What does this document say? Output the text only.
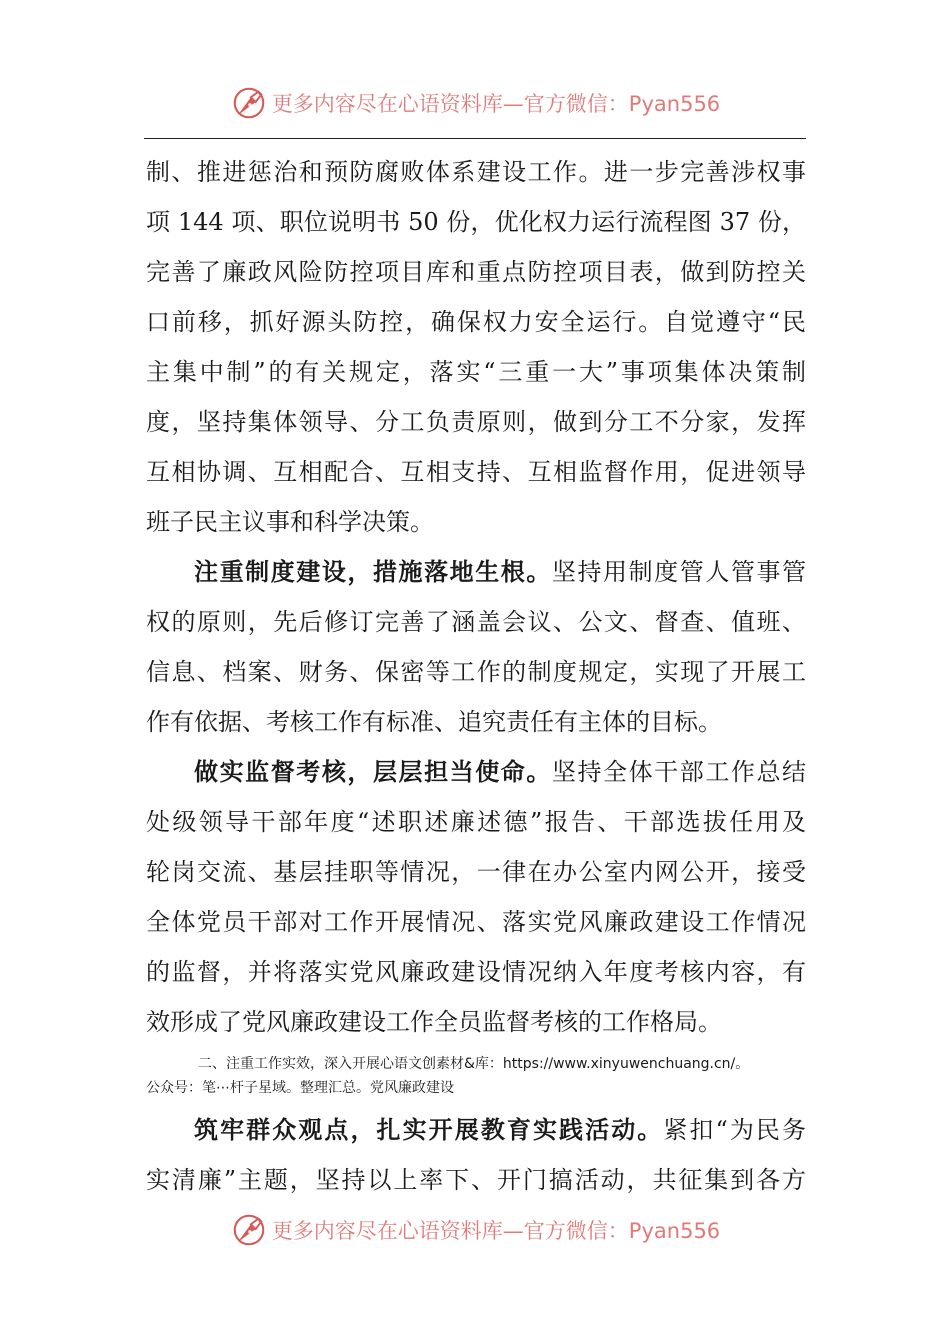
更多内容尽在心语资料库—官方微信：Pyan556
制、推进惩治和预防腐败体系建设工作。进一步完善涉权事
项 144 项、职位说明书 50 份，优化权力运行流程图 37 份，
完善了廉政风险防控项目库和重点防控项目表，做到防控关
口前移，抓好源头防控，确保权力安全运行。自觉遵守“民
主集中制”的有关规定，落实“三重一大”事项集体决策制
度，坚持集体领导、分工负责原则，做到分工不分家，发挥
互相协调、互相配合、互相支持、互相监督作用，促进领导
班子民主议事和科学决策。
注重制度建设，措施落地生根。坚持用制度管人管事管
权的原则，先后修订完善了涵盖会议、公文、督查、值班、
信息、档案、财务、保密等工作的制度规定，实现了开展工
作有依据、考核工作有标准、追究责任有主体的目标。
做实监督考核，层层担当使命。坚持全体干部工作总结
处级领导干部年度“述职述廉述德”报告、干部选拔任用及
轮岗交流、基层挂职等情况，一律在办公室内网公开，接受
全体党员干部对工作开展情况、落实党风廉政建设工作情况
的监督，并将落实党风廉政建设情况纳入年度考核内容，有
效形成了党风廉政建设工作全员监督考核的工作格局。
二、注重工作实效，深入开展心语文创素材&库：https://www.xinyuwenchuang.cn/。
公众号：笔⋯杆子星域。整理汇总。党风廉政建设
筑牢群众观点，扎实开展教育实践活动。紧扣“为民务
实清廉”主题，坚持以上率下、开门搞活动，共征集到各方
更多内容尽在心语资料库—官方微信：Pyan556
